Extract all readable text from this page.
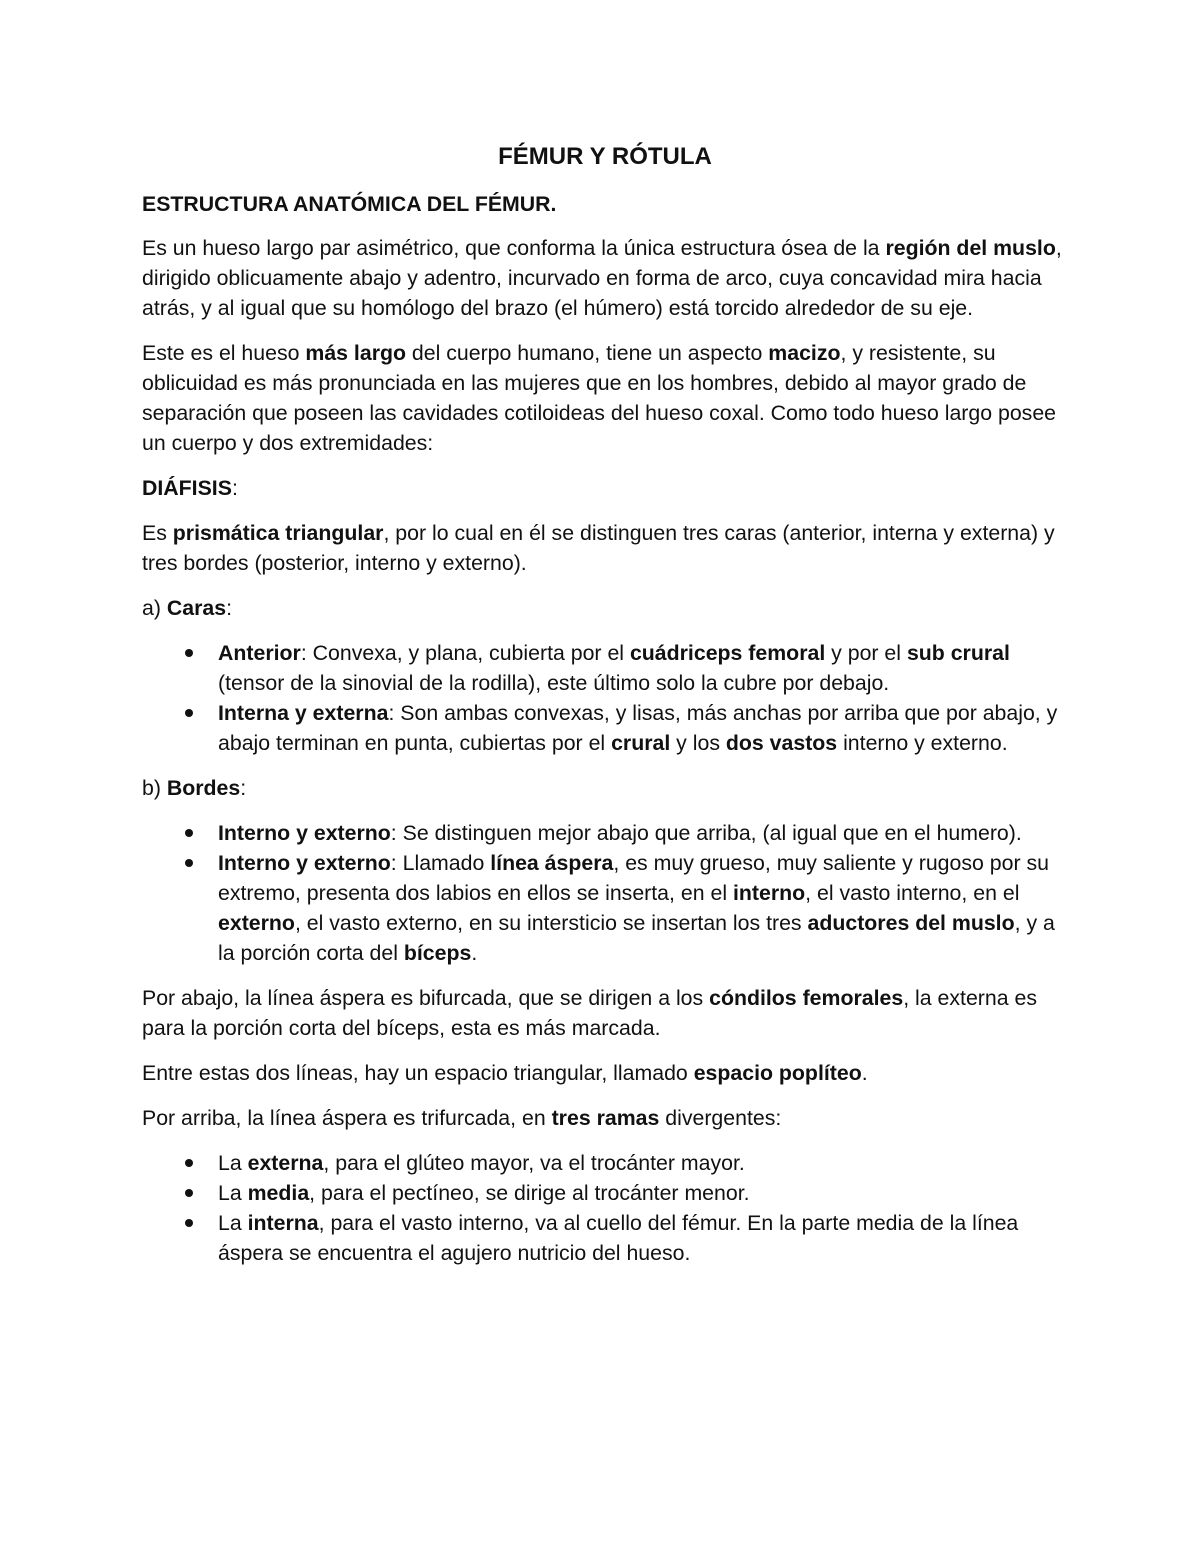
FÉMUR Y RÓTULA
ESTRUCTURA ANATÓMICA DEL FÉMUR.

Es un hueso largo par asimétrico, que conforma la única estructura ósea de la región del muslo, dirigido oblicuamente abajo y adentro, incurvado en forma de arco, cuya concavidad mira hacia atrás, y al igual que su homólogo del brazo (el húmero) está torcido alrededor de su eje.

Este es el hueso más largo del cuerpo humano, tiene un aspecto macizo, y resistente, su oblicuidad es más pronunciada en las mujeres que en los hombres, debido al mayor grado de separación que poseen las cavidades cotiloideas del hueso coxal. Como todo hueso largo posee un cuerpo y dos extremidades:

DIÁFISIS:

Es prismática triangular, por lo cual en él se distinguen tres caras (anterior, interna y externa) y tres bordes (posterior, interno y externo).

a) Caras:

Anterior: Convexa, y plana, cubierta por el cuádriceps femoral y por el sub crural (tensor de la sinovial de la rodilla), este último solo la cubre por debajo.
Interna y externa: Son ambas convexas, y lisas, más anchas por arriba que por abajo, y abajo terminan en punta, cubiertas por el crural y los dos vastos interno y externo.

b) Bordes:

Interno y externo: Se distinguen mejor abajo que arriba, (al igual que en el humero).
Interno y externo: Llamado línea áspera, es muy grueso, muy saliente y rugoso por su extremo, presenta dos labios en ellos se inserta, en el interno, el vasto interno, en el externo, el vasto externo, en su intersticio se insertan los tres aductores del muslo, y a la porción corta del bíceps.

Por abajo, la línea áspera es bifurcada, que se dirigen a los cóndilos femorales, la externa es para la porción corta del bíceps, esta es más marcada.

Entre estas dos líneas, hay un espacio triangular, llamado espacio poplíteo.

Por arriba, la línea áspera es trifurcada, en tres ramas divergentes:

La externa, para el glúteo mayor, va el trocánter mayor.
La media, para el pectíneo, se dirige al trocánter menor.
La interna, para el vasto interno, va al cuello del fémur. En la parte media de la línea áspera se encuentra el agujero nutricio del hueso.
